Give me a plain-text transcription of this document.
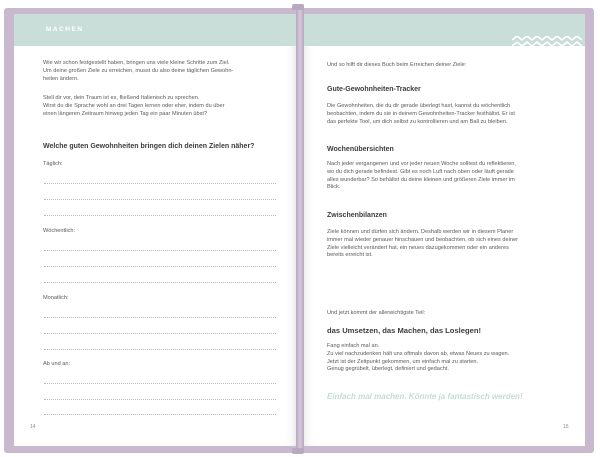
MACHEN

Wie wir schon festgestellt haben, bringen uns viele kleine Schritte zum Ziel.
Um deine großen Ziele zu erreichen, musst du also deine täglichen Gewohn-
heiten ändern.

Stell dir vor, dein Traum ist es, fließend Italienisch zu sprechen.
Wirst du die Sprache wohl an drei Tagen lernen oder eher, indem du über
einen längeren Zeitraum hinweg jeden Tag ein paar Minuten übst?

Welche guten Gewohnheiten bringen dich deinen Zielen näher?

Täglich:

Wöchentlich:

Monatlich:

Ab und an:

14

Und so hilft dir dieses Buch beim Erreichen deiner Ziele:

Gute-Gewohnheiten-Tracker

Die Gewohnheiten, die du dir gerade überlegt hast, kannst du wöchentlich
beobachten, indem du sie in deinem Gewohnheiten-Tracker festhältst. Er ist
das perfekte Tool, um dich selbst zu kontrollieren und am Ball zu bleiben.

Wochenübersichten

Nach jeder vergangenen und vor jeder neuen Woche solltest du reflektieren,
wo du dich gerade befindest. Gibt es noch Luft nach oben oder läuft gerade
alles wunderbar? So behältst du deine kleinen und größeren Ziele immer im
Blick.

Zwischenbilanzen

Ziele können und dürfen sich ändern. Deshalb werden wir in diesem Planer
immer mal wieder genauer hinschauen und beobachten, ob sich eines deiner
Ziele vielleicht verändert hat, ein neues dazugekommen oder ein anderes
bereits erreicht ist.

Und jetzt kommt der allerwichtigste Teil:

das Umsetzen, das Machen, das Loslegen!

Fang einfach mal an.
Zu viel nachzudenken hält uns oftmals davon ab, etwas Neues zu wagen.
Jetzt ist der Zeitpunkt gekommen, um einfach mal zu starten.
Genug gegrübelt, überlegt, definiert und gedacht.

Einfach mal machen. Könnte ja fantastisch werden!

15
